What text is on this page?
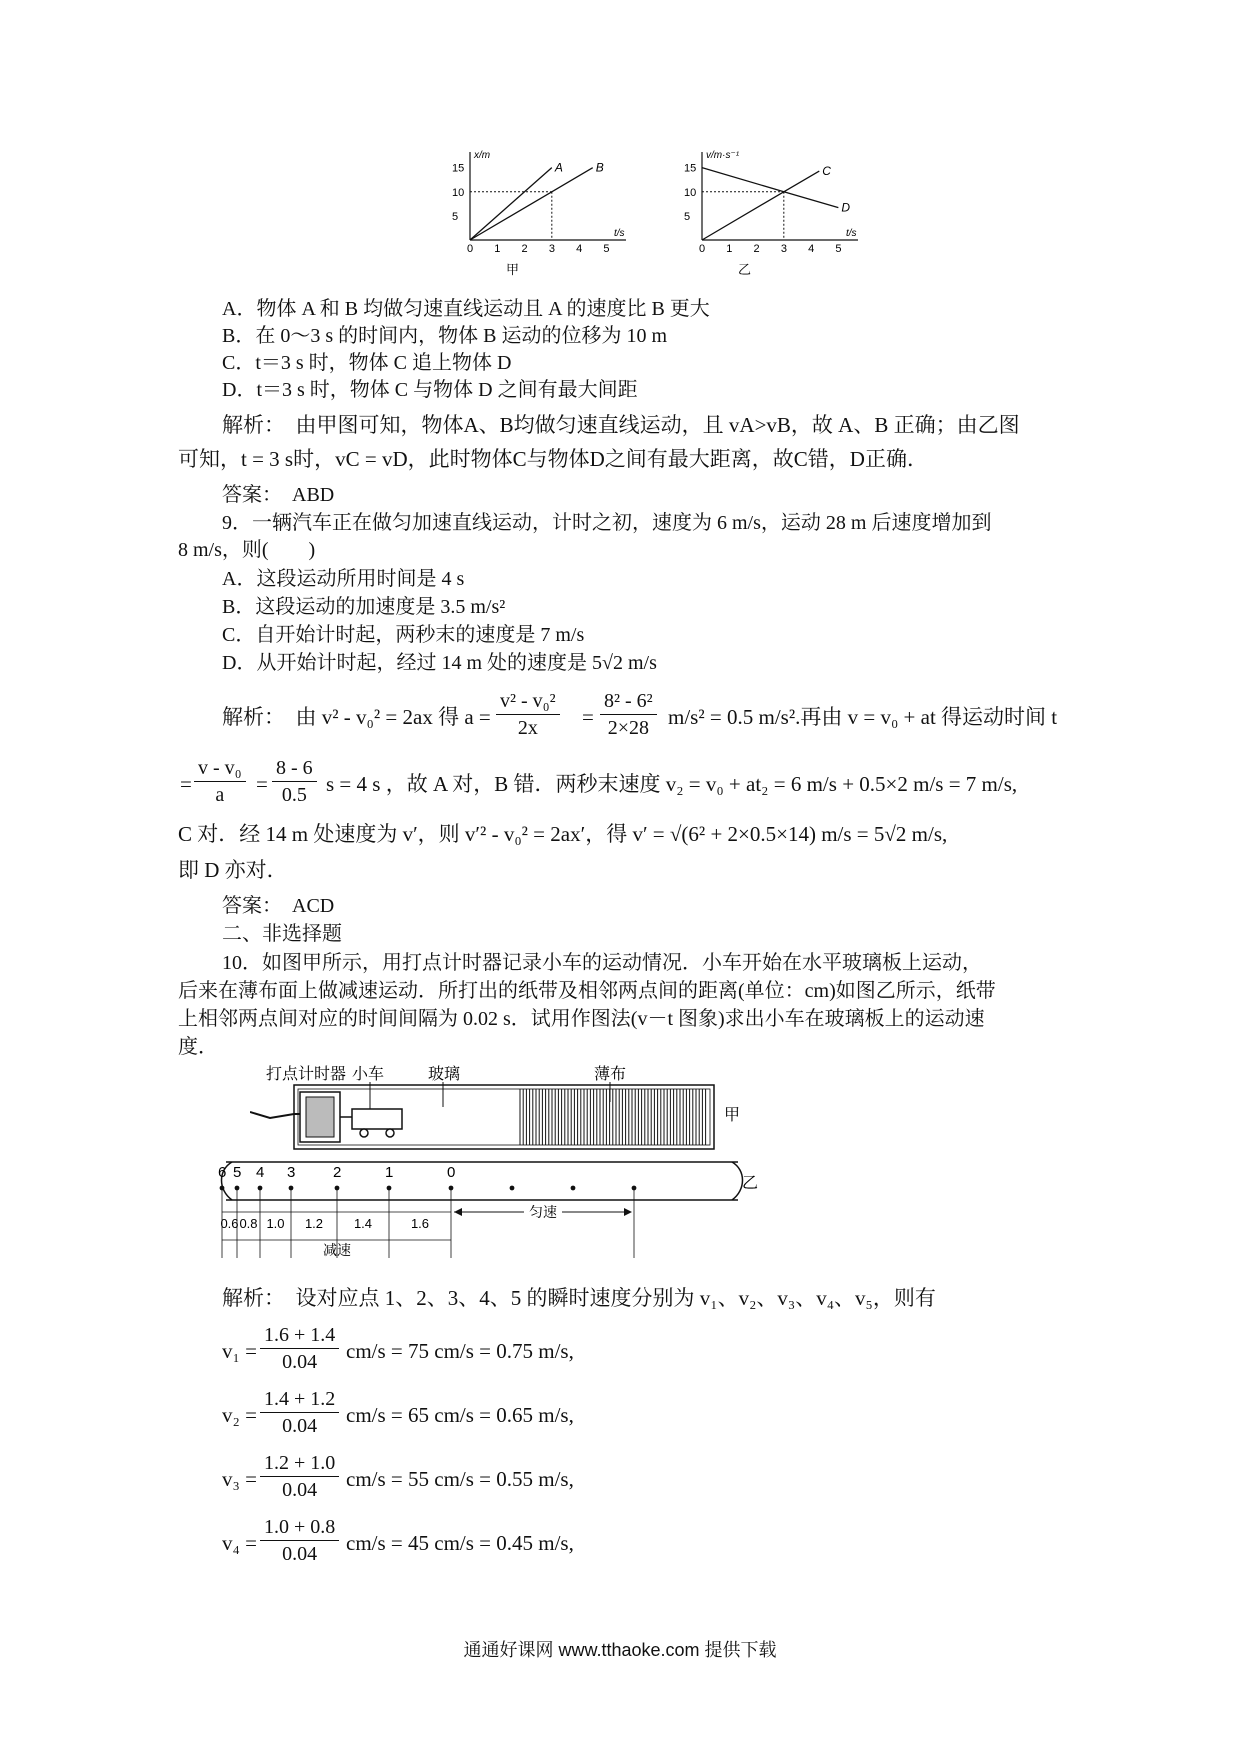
x/m
t/s
0 1 2 3 4 5
5
10
15	A	B
甲
v/m·s⁻¹
t/s
0 1 2 3 4 5
5
10
15	C
D
乙
A．物体 A 和 B 均做匀速直线运动且 A 的速度比 B 更大
B．在 0～3 s 的时间内，物体 B 运动的位移为 10 m
C．t＝3 s 时，物体 C 追上物体 D
D．t＝3 s 时，物体 C 与物体 D 之间有最大间距
解析：　由甲图可知，物体A、B均做匀速直线运动，且 vA>vB，故 A、B 正确；由乙图
可知，t = 3 s时，vC = vD，此时物体C与物体D之间有最大距离，故C错，D正确．
答案：　ABD
9．一辆汽车正在做匀加速直线运动，计时之初，速度为 6 m/s，运动 28 m 后速度增加到
8 m/s，则(　　)
A．这段运动所用时间是 4 s
B．这段运动的加速度是 3.5 m/s²
C．自开始计时起，两秒末的速度是 7 m/s
D．从开始计时起，经过 14 m 处的速度是 5√2 m/s
解析：　由 v² - v₀² = 2ax 得 $a = \frac{\text{v² - v₀²}}{2x} = \frac{\text{8² - 6²}}{2\times 28} m/s^2 = 0.5$ m/s².再由 v = v₀ + at 得运动时间 t
= $\frac{\text{v - v₀}}{a} = \frac{8 - 6}{0.5}$ s = 4 s ，故 A 对，B 错．两秒末速度 v₂ = v₀ + at₂ = 6 m/s + 0.5×2 m/s = 7 m/s,
C 对．经 14 m 处速度为 v′，则 v′² - v₀² = 2ax′，得 v′ = √(6² + 2×0.5×14) m/s = 5√2 m/s,
即 D 亦对．
答案：　ACD
二、非选择题
10．如图甲所示，用打点计时器记录小车的运动情况．小车开始在水平玻璃板上运动，
后来在薄布面上做减速运动．所打出的纸带及相邻两点间的距离(单位：cm)如图乙所示，纸带
上相邻两点间对应的时间间隔为 0.02 s．试用作图法(v－t 图象)求出小车在玻璃板上的运动速
度．
打点计时器 小车	玻璃	薄布
甲
乙
6 5 4 3	2	1	0
0.6 0.8 1.0 1.2 1.4	1.6
减速
匀速
解析：　设对应点 1、2、3、4、5 的瞬时速度分别为 v₁、v₂、v₃、v₄、v₅，则有
$v_1 = \frac{1.6 + 1.4}{0.04} cm/s = 75$ cm/s = 0.75 m/s,
$v_2 = \frac{1.4 + 1.2}{0.04} cm/s = 65$ cm/s = 0.65 m/s,
$v_3 = \frac{1.2 + 1.0}{0.04} cm/s = 55$ cm/s = 0.55 m/s,
$v_4 = \frac{1.0 + 0.8}{0.04} cm/s = 45$ cm/s = 0.45 m/s,
通通好课网 www.tthaoke.com 提供下载
